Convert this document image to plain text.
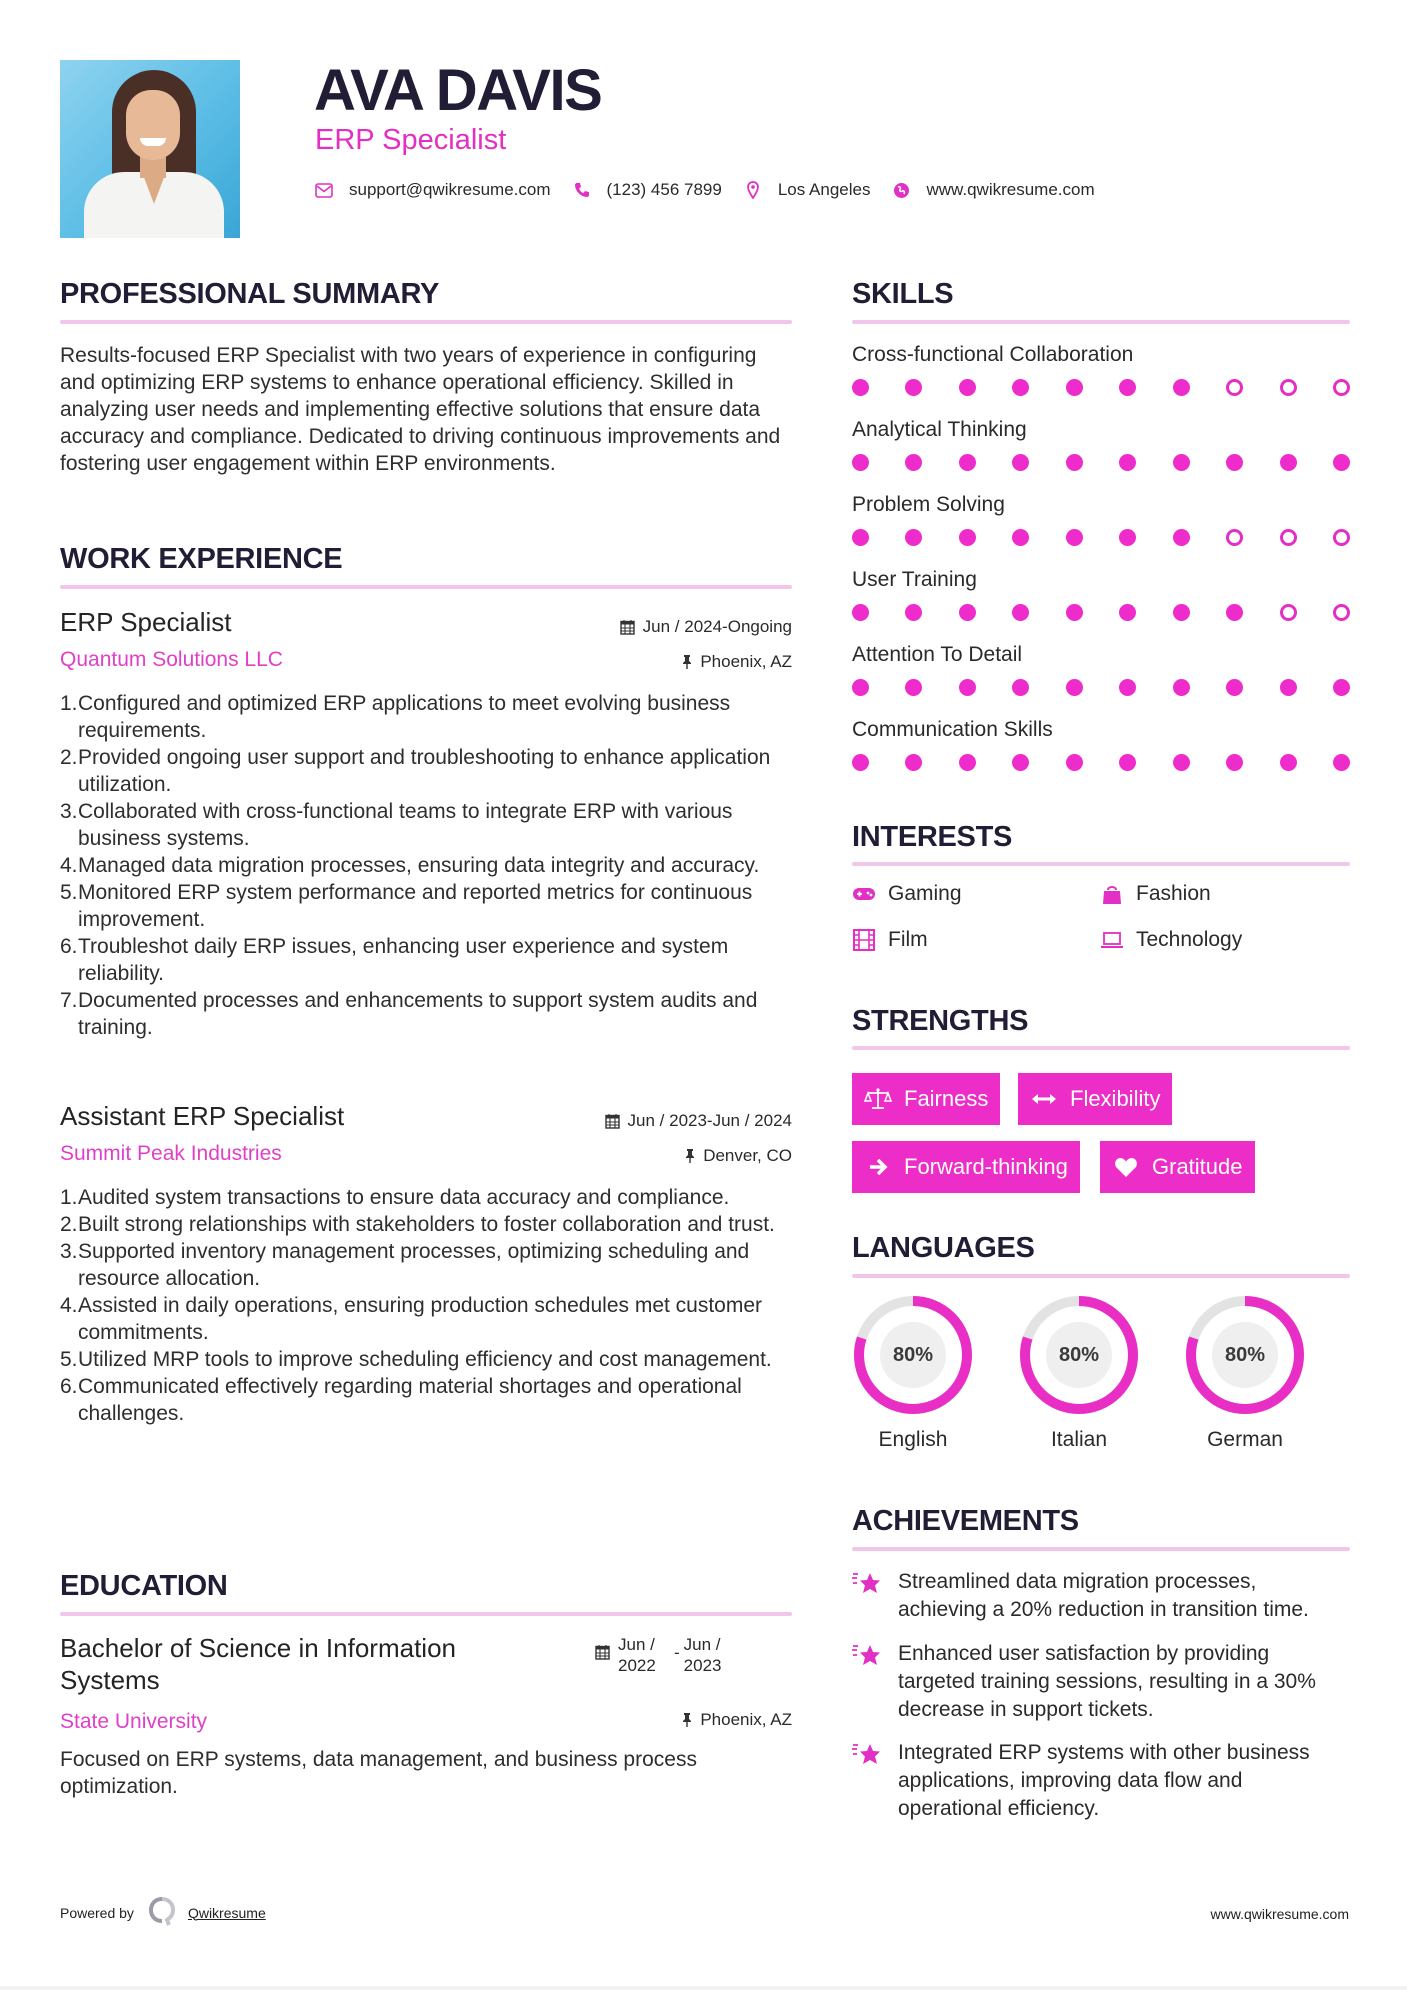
AVA DAVIS
ERP Specialist
support@qwikresume.com	(123) 456 7899	Los Angeles	www.qwikresume.com
PROFESSIONAL SUMMARY
Results-focused ERP Specialist with two years of experience in configuring and optimizing ERP systems to enhance operational efficiency. Skilled in analyzing user needs and implementing effective solutions that ensure data accuracy and compliance. Dedicated to driving continuous improvements and fostering user engagement within ERP environments.
WORK EXPERIENCE
ERP Specialist	Jun / 2024-Ongoing
Quantum Solutions LLC	Phoenix, AZ
1. Configured and optimized ERP applications to meet evolving business requirements.
2. Provided ongoing user support and troubleshooting to enhance application utilization.
3. Collaborated with cross-functional teams to integrate ERP with various business systems.
4. Managed data migration processes, ensuring data integrity and accuracy.
5. Monitored ERP system performance and reported metrics for continuous improvement.
6. Troubleshot daily ERP issues, enhancing user experience and system reliability.
7. Documented processes and enhancements to support system audits and training.
Assistant ERP Specialist	Jun / 2023-Jun / 2024
Summit Peak Industries	Denver, CO
1. Audited system transactions to ensure data accuracy and compliance.
2. Built strong relationships with stakeholders to foster collaboration and trust.
3. Supported inventory management processes, optimizing scheduling and resource allocation.
4. Assisted in daily operations, ensuring production schedules met customer commitments.
5. Utilized MRP tools to improve scheduling efficiency and cost management.
6. Communicated effectively regarding material shortages and operational challenges.
EDUCATION
Bachelor of Science in Information Systems
Jun /
2022
- Jun /
2023
State University	Phoenix, AZ
Focused on ERP systems, data management, and business process optimization.
SKILLS
Cross-functional Collaboration
Analytical Thinking
Problem Solving
User Training
Attention To Detail
Communication Skills
INTERESTS
Gaming	Fashion
Film	Technology
STRENGTHS
Fairness	Flexibility
Forward-thinking	Gratitude
LANGUAGES
80%
English
80%
Italian
80%
German
ACHIEVEMENTS
Streamlined data migration processes, achieving a 20% reduction in transition time.
Enhanced user satisfaction by providing targeted training sessions, resulting in a 30% decrease in support tickets.
Integrated ERP systems with other business applications, improving data flow and operational efficiency.
Powered by	Qwikresume	www.qwikresume.com
